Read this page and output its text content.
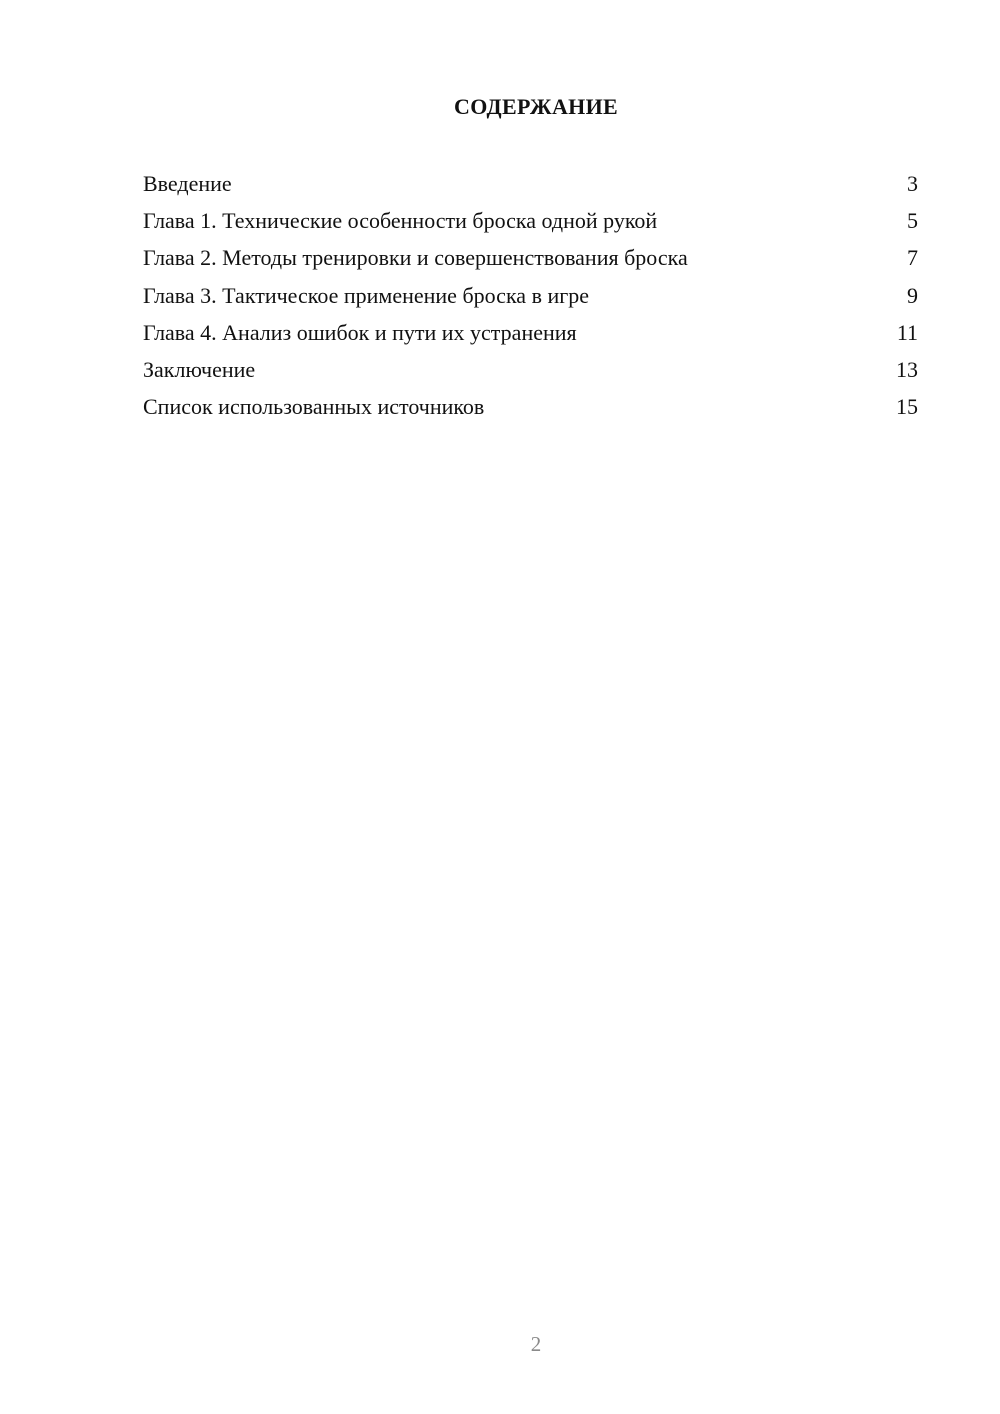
СОДЕРЖАНИЕ
Введение	3
Глава 1. Технические особенности броска одной рукой	5
Глава 2. Методы тренировки и совершенствования броска	7
Глава 3. Тактическое применение броска в игре	9
Глава 4. Анализ ошибок и пути их устранения	11
Заключение	13
Список использованных источников	15
2
